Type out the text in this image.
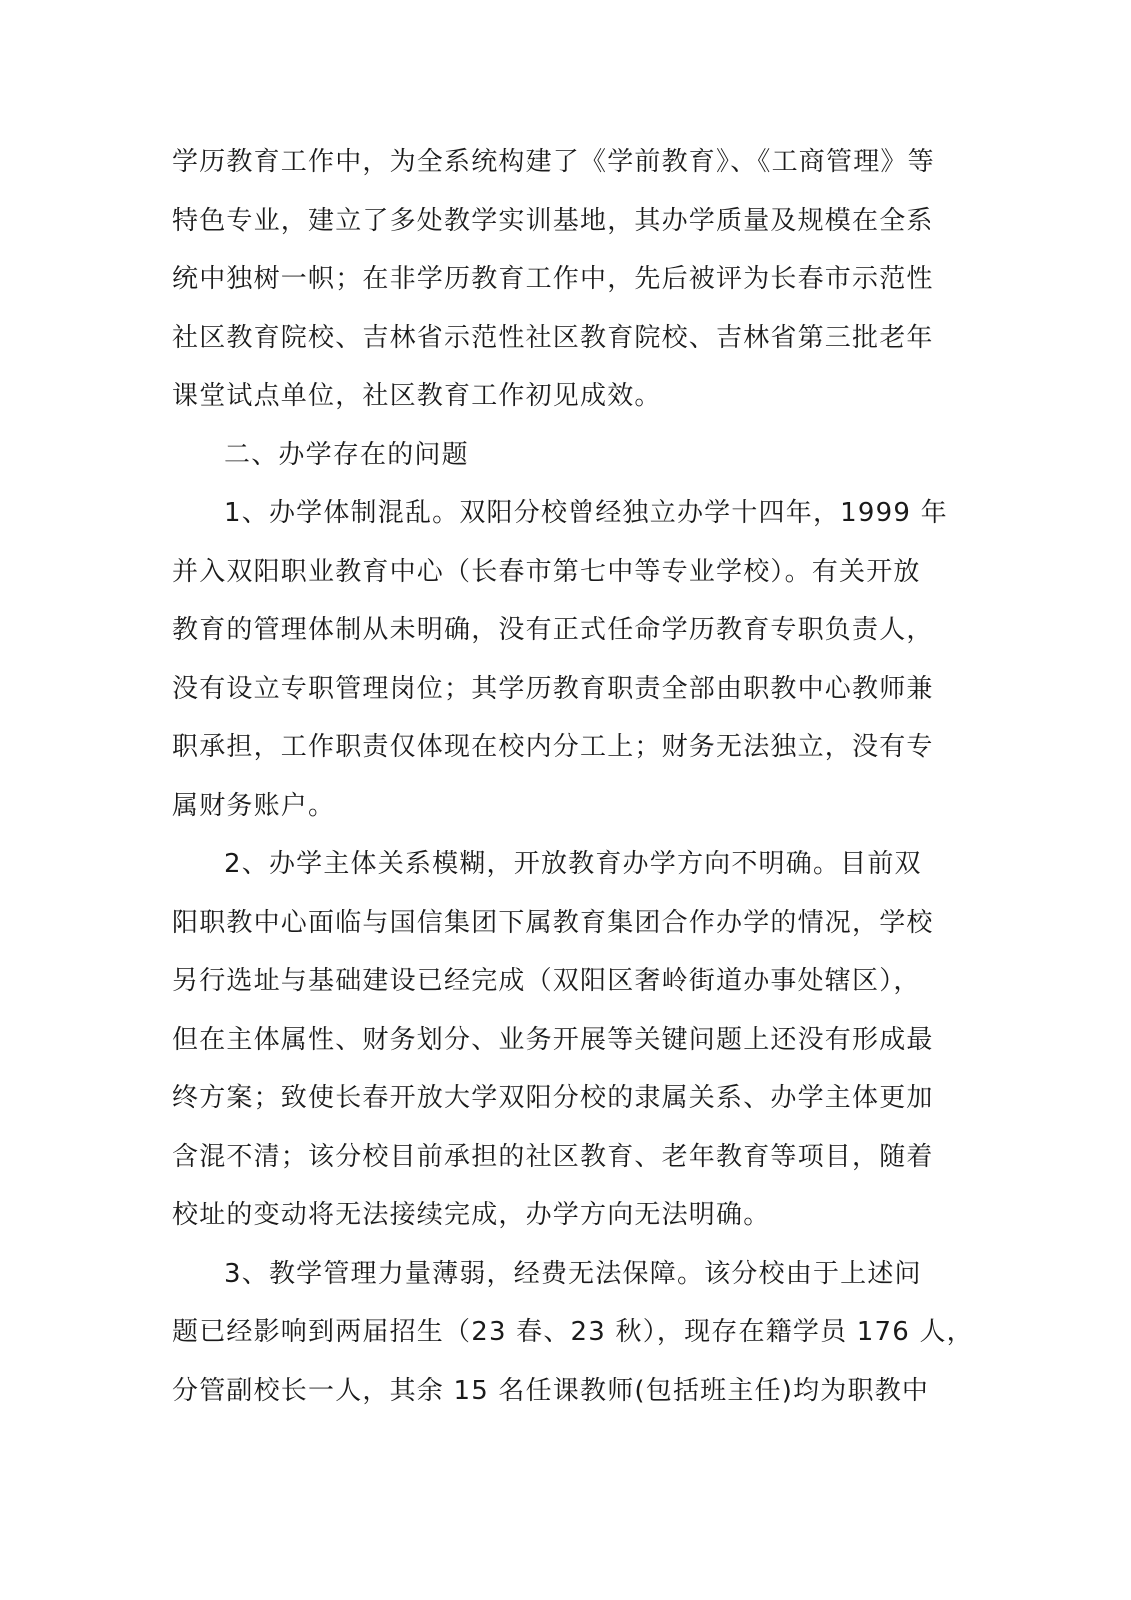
学历教育工作中，为全系统构建了《学前教育》、《工商管理》等
特色专业，建立了多处教学实训基地，其办学质量及规模在全系
统中独树一帜；在非学历教育工作中，先后被评为长春市示范性
社区教育院校、吉林省示范性社区教育院校、吉林省第三批老年
课堂试点单位，社区教育工作初见成效。
二、办学存在的问题
1、办学体制混乱。双阳分校曾经独立办学十四年，1999 年
并入双阳职业教育中心（长春市第七中等专业学校）。有关开放
教育的管理体制从未明确，没有正式任命学历教育专职负责人，
没有设立专职管理岗位；其学历教育职责全部由职教中心教师兼
职承担，工作职责仅体现在校内分工上；财务无法独立，没有专
属财务账户。
2、办学主体关系模糊，开放教育办学方向不明确。目前双
阳职教中心面临与国信集团下属教育集团合作办学的情况，学校
另行选址与基础建设已经完成（双阳区奢岭街道办事处辖区），
但在主体属性、财务划分、业务开展等关键问题上还没有形成最
终方案；致使长春开放大学双阳分校的隶属关系、办学主体更加
含混不清；该分校目前承担的社区教育、老年教育等项目，随着
校址的变动将无法接续完成，办学方向无法明确。
3、教学管理力量薄弱，经费无法保障。该分校由于上述问
题已经影响到两届招生（23 春、23 秋），现存在籍学员 176 人，
分管副校长一人，其余 15 名任课教师(包括班主任)均为职教中
